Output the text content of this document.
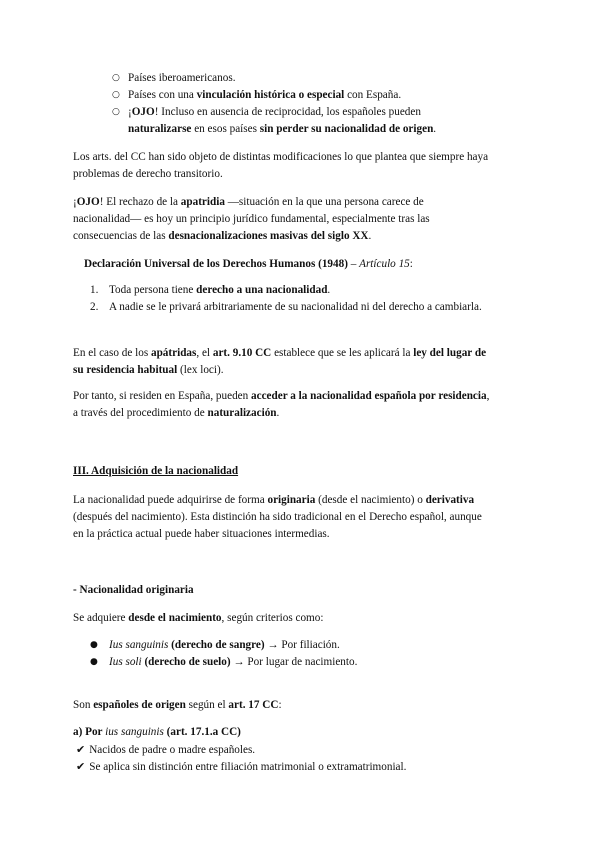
○ Países iberoamericanos.
○ Países con una vinculación histórica o especial con España.
○ ¡OJO! Incluso en ausencia de reciprocidad, los españoles pueden
naturalizarse en esos países sin perder su nacionalidad de origen.
Los arts. del CC han sido objeto de distintas modificaciones lo que plantea que siempre haya
problemas de derecho transitorio.
¡OJO! El rechazo de la apatridia —situación en la que una persona carece de
nacionalidad— es hoy un principio jurídico fundamental, especialmente tras las
consecuencias de las desnacionalizaciones masivas del siglo XX.
Declaración Universal de los Derechos Humanos (1948) – Artículo 15:
1. Toda persona tiene derecho a una nacionalidad.
2. A nadie se le privará arbitrariamente de su nacionalidad ni del derecho a cambiarla.
En el caso de los apátridas, el art. 9.10 CC establece que se les aplicará la ley del lugar de
su residencia habitual (lex loci).
Por tanto, si residen en España, pueden acceder a la nacionalidad española por residencia,
a través del procedimiento de naturalización.
III. Adquisición de la nacionalidad
La nacionalidad puede adquirirse de forma originaria (desde el nacimiento) o derivativa
(después del nacimiento). Esta distinción ha sido tradicional en el Derecho español, aunque
en la práctica actual puede haber situaciones intermedias.
- Nacionalidad originaria
Se adquiere desde el nacimiento, según criterios como:
● Ius sanguinis (derecho de sangre) → Por filiación.
● Ius soli (derecho de suelo) → Por lugar de nacimiento.
Son españoles de origen según el art. 17 CC:
a) Por ius sanguinis (art. 17.1.a CC)
✔ Nacidos de padre o madre españoles.
✔ Se aplica sin distinción entre filiación matrimonial o extramatrimonial.
